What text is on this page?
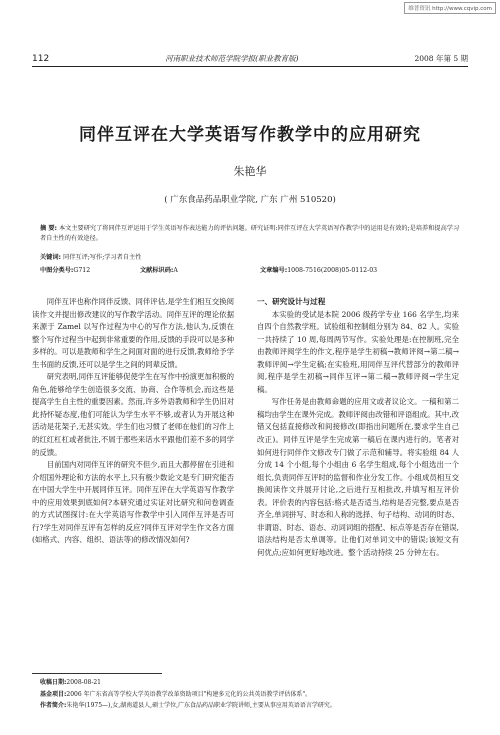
维普资讯 http://www.cqvip.com
112	河南职业技术师范学院学报(职业教育版)	2008 年第 5 期
同伴互评在大学英语写作教学中的应用研究
朱艳华
( 广东食品药品职业学院, 广东 广州 510520)
摘 要: 本文主要研究了将同伴互评运用于学生英语写作表达能力的评估问题。研究证明:同伴互评在大学英语写作教学中的运用是有效的;是培养和提高学习者自主性的有效途径。
关键词: 同伴互评;写作;学习者自主性
中图分类号:G712	文献标识码:A	文章编号:1008-7516(2008)05-0112-03

同伴互评也称作同伴反馈、同伴评估,是学生们相互交换阅读作文并提出修改建议的写作教学活动。同伴互评的理论依据来源于 Zamel 以写作过程为中心的写作方法,他认为,反馈在整个写作过程当中起到非常重要的作用,反馈的手段可以是多种多样的。可以是教师和学生之间面对面的进行反馈,教师给予学生书面的反馈,还可以是学生之间的同辈反馈。

研究表明,同伴互评能够促使学生在写作中扮演更加积极的角色,能够给学生创造很多交流、协商、合作等机会,而这些是提高学生自主性的重要因素。然而,许多外语教师和学生仍旧对此持怀疑态度,他们可能认为学生水平不够,或者认为开展这种活动是花架子,无甚实效。学生们也习惯了老师在他们的习作上的红红杠杠或者批注,不屑于那些来话水平跟他们差不多的同学的反馈。

目前国内对同伴互评的研究不但少,而且大都停留在引进和介绍国外理论和方法的水平上,只有极少数论文是专门研究能否在中国大学生中开展同伴互评。同伴互评在大学英语写作教学中的应用效果到底如何?本研究通过实证对比研究和问卷调查的方式试图探讨:在大学英语写作教学中引入同伴互评是否可行?学生对同伴互评有怎样的反应?同伴互评对学生作文各方面(如格式、内容、组织、语法等)的修改情况如何?

一、研究设计与过程

本实验的受试是本院 2006 级药学专业 166 名学生,均来自四个自然教学班。试验组和控制组分别为 84、82 人。实验一共持续了 10 周,每周两节写作。实验处理是:在控制班,完全由教师评阅学生的作文,程序是学生初稿→教师评阅→第二稿→教师评阅→学生定稿;在实验班,用同伴互评代替部分的教师评阅,程序是学生初稿→同伴互评→第二稿→教师评阅→学生定稿。

写作任务是由教师命题的应用文或者议论文。一稿和第二稿均由学生在课外完成。教师评阅由改错和评语组成。其中,改错又包括直接修改和间接修改(即指出问题所在,要求学生自己改正)。同伴互评是学生完成第一稿后在课内进行的。笔者对如何进行同伴作文修改专门做了示范和辅导。将实验组 84 人分成 14 个小组,每个小组由 6 名学生组成,每个小组选出一个组长,负责同伴互评时的监督和作业分发工作。小组成员相互交换阅读作文并展开讨论,之后进行互相批改,并填写相互评价表。评价表的内容包括:格式是否适当,结构是否完整,要点是否齐全,单词拼写、时态和人称的选择、句子结构、动词的时态、非谓语、时态、语态、动词词组的搭配、标点等是否存在错误,语法结构是否太单调等。让他们对单词文中的错误;该短文有何优点;应如何更好地改进。整个活动持续 25 分钟左右。

收稿日期:2008-08-21
基金项目:2006 年广东省高等学校大学英语教学改革资助项目"构建多元化的公共英语教学评估体系"。
作者简介:朱艳华(1975—),女,湖南道县人,硕士学位,广东食品药品职业学院讲师,主要从事应用英语语言学研究。
